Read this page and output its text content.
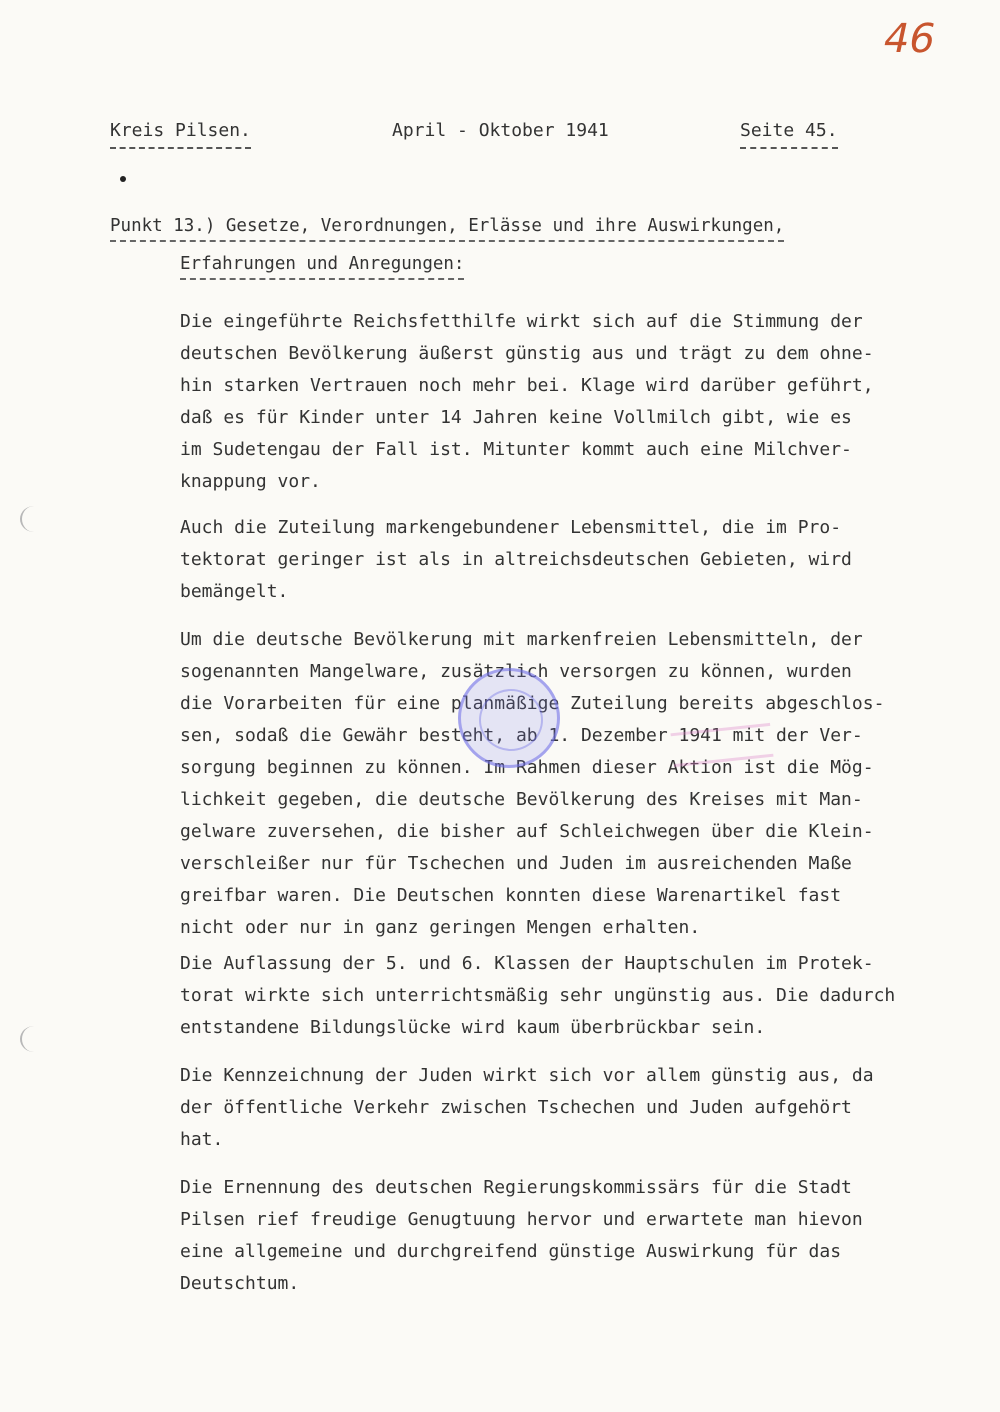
46
Kreis Pilsen.	April - Oktober 1941	Seite 45.
Punkt 13.) Gesetze, Verordnungen, Erlässe und ihre Auswirkungen,
Erfahrungen und Anregungen:
Die eingeführte Reichsfetthilfe wirkt sich auf die Stimmung der
deutschen Bevölkerung äußerst günstig aus und trägt zu dem ohne-
hin starken Vertrauen noch mehr bei. Klage wird darüber geführt,
daß es für Kinder unter 14 Jahren keine Vollmilch gibt, wie es
im Sudetengau der Fall ist. Mitunter kommt auch eine Milchver-
knappung vor.
Auch die Zuteilung markengebundener Lebensmittel, die im Pro-
tektorat geringer ist als in altreichsdeutschen Gebieten, wird
bemängelt.
Um die deutsche Bevölkerung mit markenfreien Lebensmitteln, der
sogenannten Mangelware, zusätzlich versorgen zu können, wurden
die Vorarbeiten für eine planmäßige Zuteilung bereits abgeschlos-
sen, sodaß die Gewähr besteht, ab 1. Dezember 1941 mit der Ver-
sorgung beginnen zu können. Im Rahmen dieser Aktion ist die Mög-
lichkeit gegeben, die deutsche Bevölkerung des Kreises mit Man-
gelware zuversehen, die bisher auf Schleichwegen über die Klein-
verschleißer nur für Tschechen und Juden im ausreichenden Maße
greifbar waren. Die Deutschen konnten diese Warenartikel fast
nicht oder nur in ganz geringen Mengen erhalten.
Die Auflassung der 5. und 6. Klassen der Hauptschulen im Protek-
torat wirkte sich unterrichtsmäßig sehr ungünstig aus. Die dadurch
entstandene Bildungslücke wird kaum überbrückbar sein.
Die Kennzeichnung der Juden wirkt sich vor allem günstig aus, da
der öffentliche Verkehr zwischen Tschechen und Juden aufgehört
hat.
Die Ernennung des deutschen Regierungskommissärs für die Stadt
Pilsen rief freudige Genugtuung hervor und erwartete man hievon
eine allgemeine und durchgreifend günstige Auswirkung für das
Deutschtum.
